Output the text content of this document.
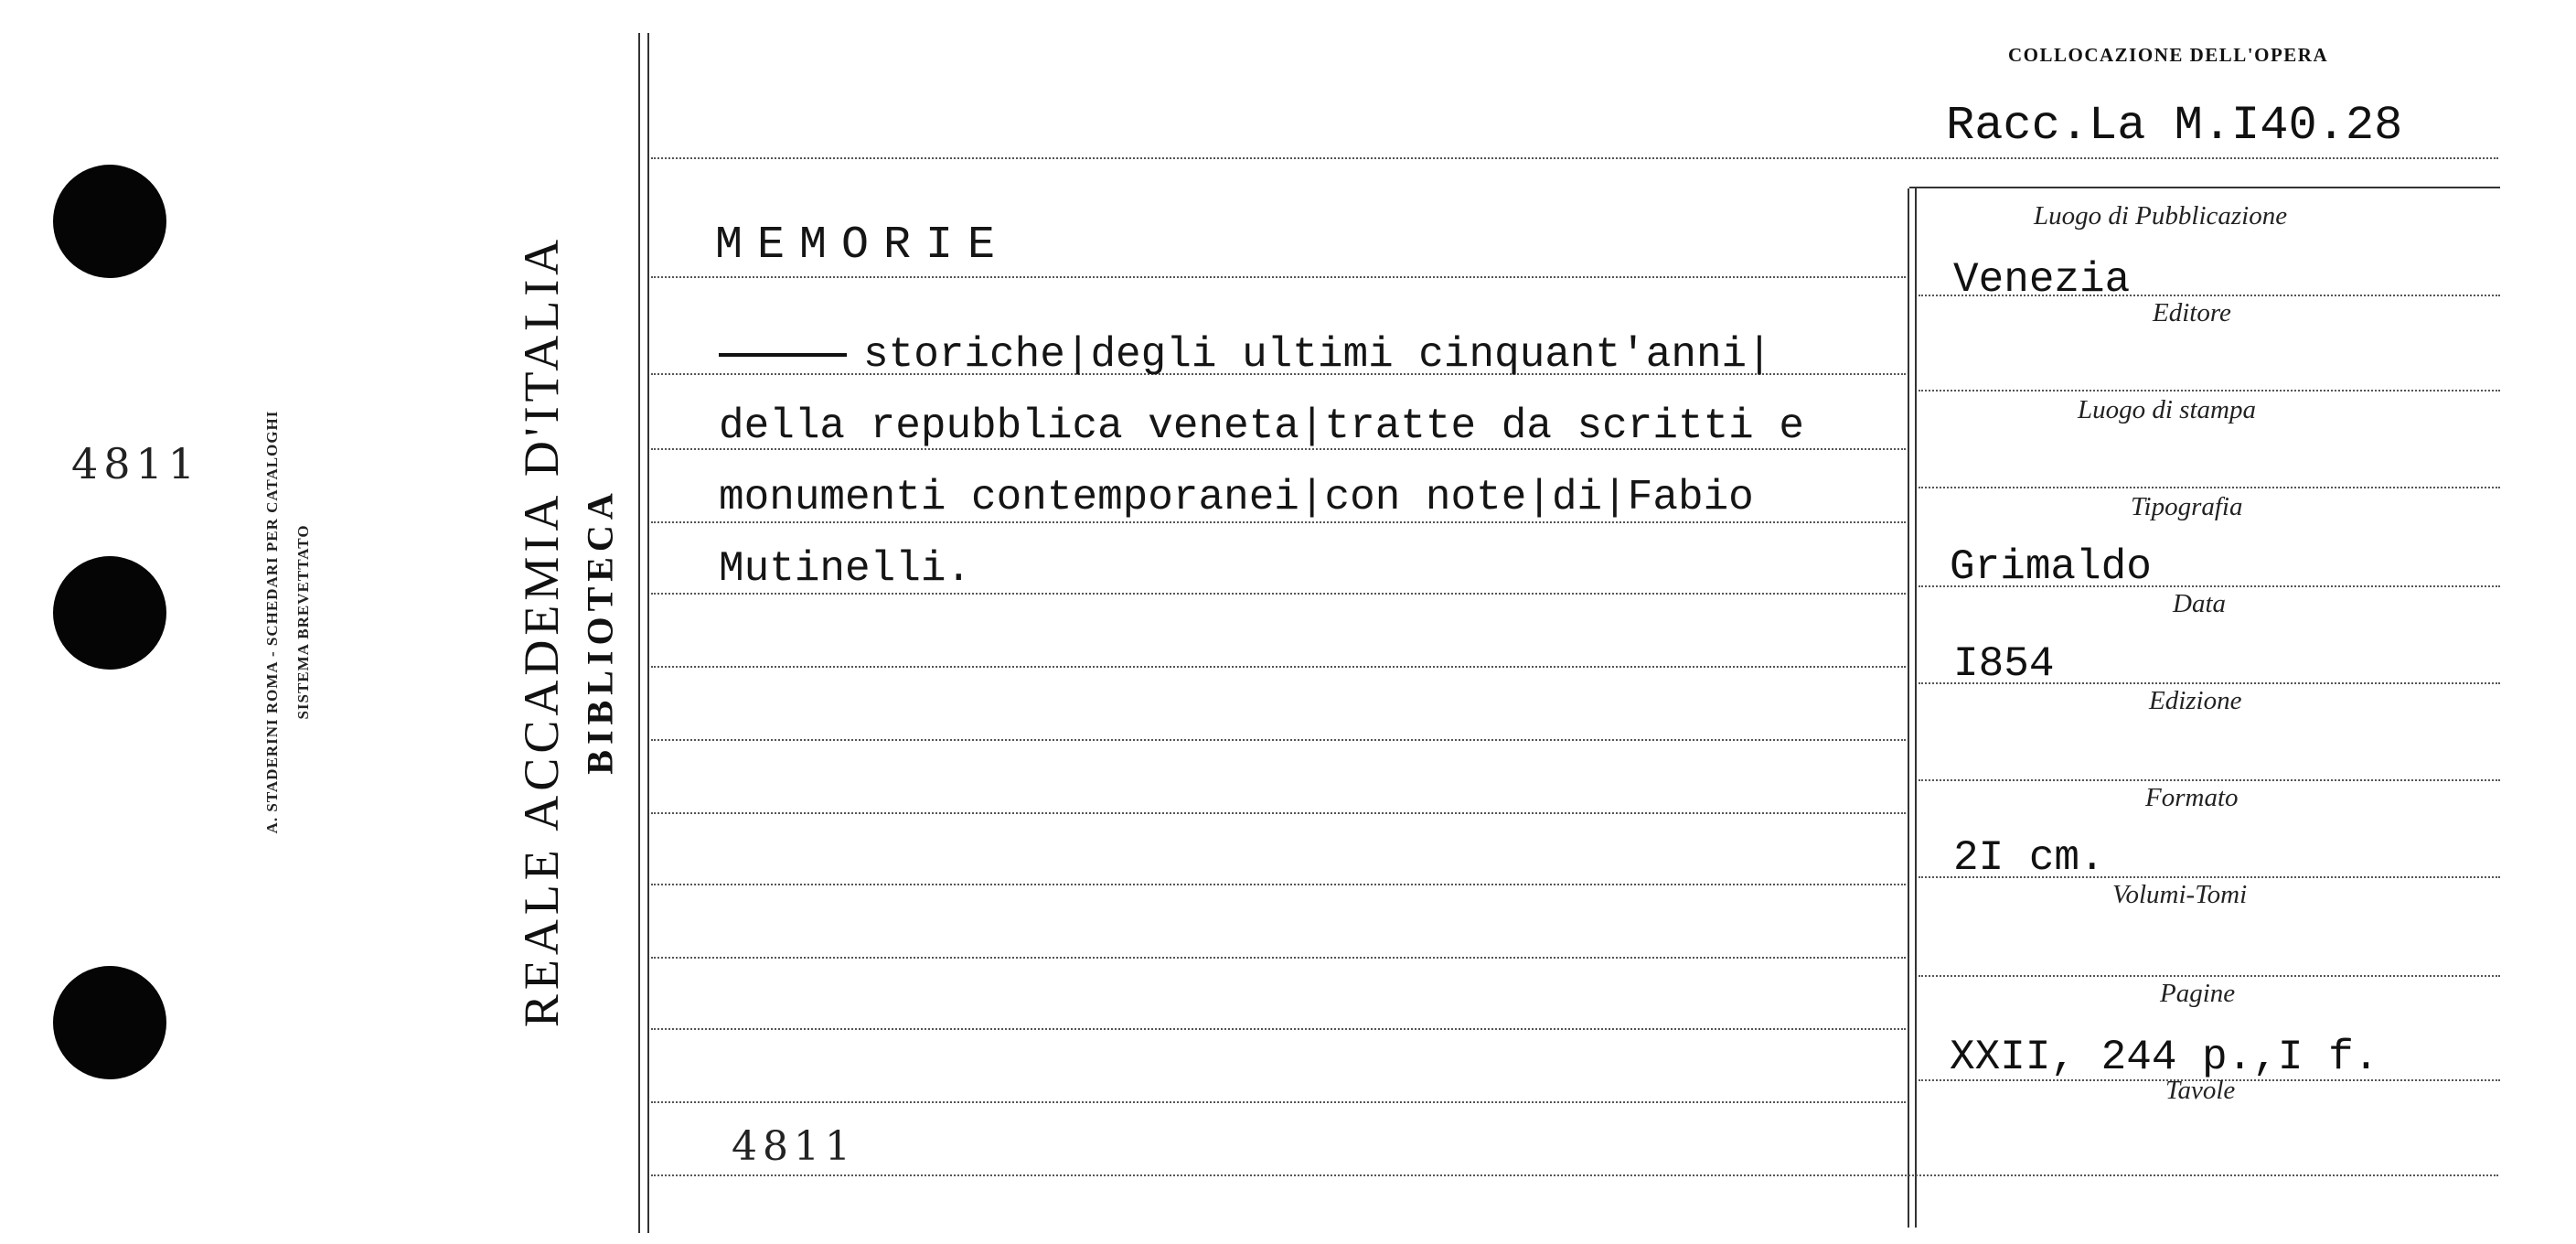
4811	A. STADERINI ROMA - SCHEDARI PER CATALOGHI SISTEMA BREVETTATO	REALE ACCADEMIA D'ITALIA BIBLIOTECA
MEMORIE
storiche|degli ultimi cinquant'anni|
della repubblica veneta|tratte da scritti e
monumenti contemporanei|con note|di|Fabio
Mutinelli.
4811
COLLOCAZIONE DELL'OPERA
Racc.La M.I40.28
Luogo di Pubblicazione
Venezia
Editore
Luogo di stampa
Tipografia
Grimaldo
Data
I854
Edizione
Formato
2I cm.
Volumi-Tomi
Pagine
XXII, 244 p.,I f.
Tavole
